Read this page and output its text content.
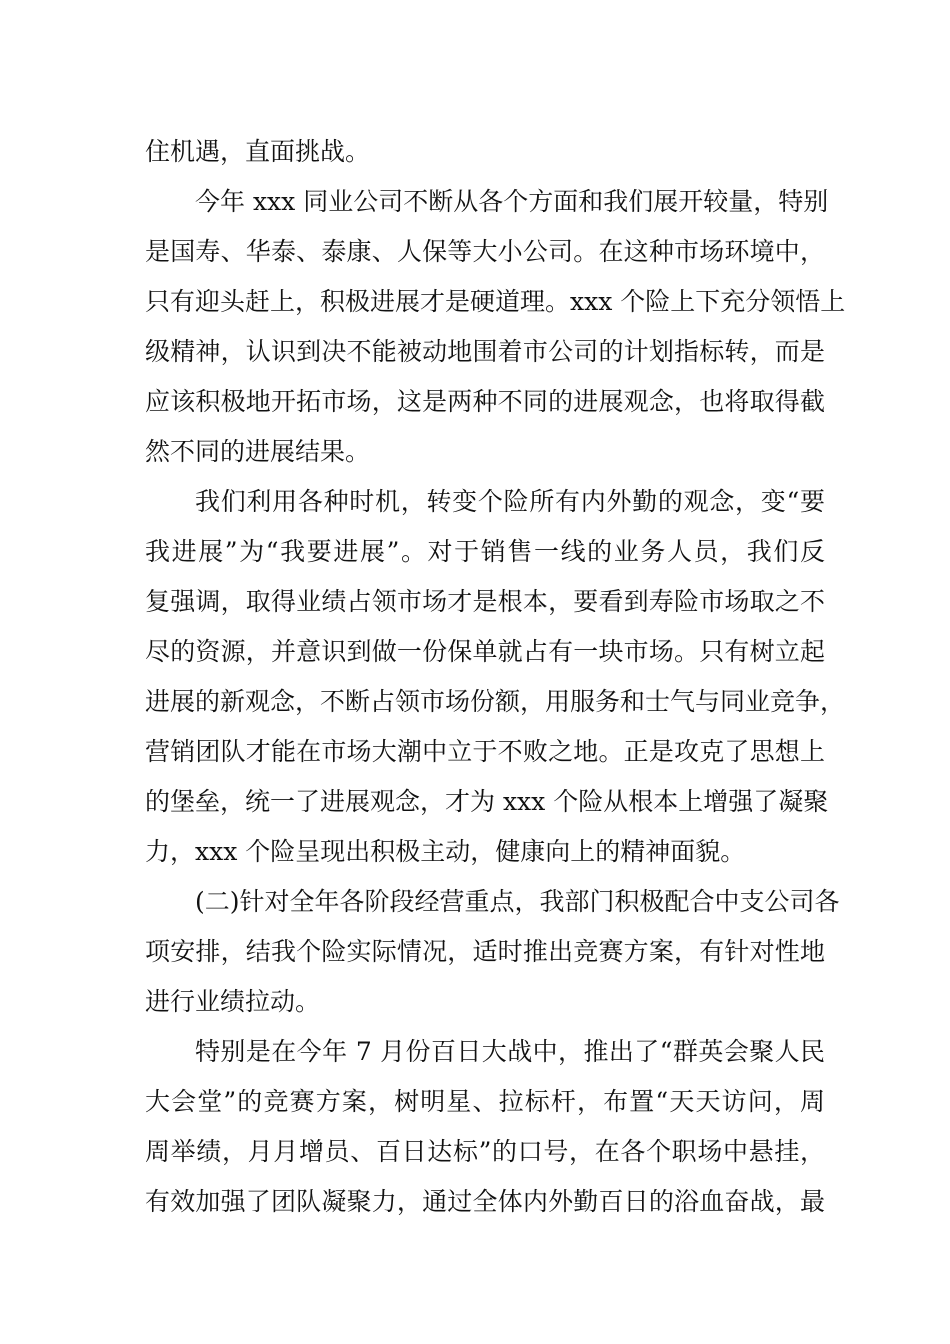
住机遇，直面挑战。
今年 xxx 同业公司不断从各个方面和我们展开较量，特别
是国寿、华泰、泰康、人保等大小公司。在这种市场环境中，
只有迎头赶上，积极进展才是硬道理。xxx 个险上下充分领悟上
级精神，认识到决不能被动地围着市公司的计划指标转，而是
应该积极地开拓市场，这是两种不同的进展观念，也将取得截
然不同的进展结果。
我们利用各种时机，转变个险所有内外勤的观念，变“要
我进展”为“我要进展”。对于销售一线的业务人员，我们反
复强调，取得业绩占领市场才是根本，要看到寿险市场取之不
尽的资源，并意识到做一份保单就占有一块市场。只有树立起
进展的新观念，不断占领市场份额，用服务和士气与同业竞争，
营销团队才能在市场大潮中立于不败之地。正是攻克了思想上
的堡垒，统一了进展观念，才为 xxx 个险从根本上增强了凝聚
力，xxx 个险呈现出积极主动，健康向上的精神面貌。
(二)针对全年各阶段经营重点，我部门积极配合中支公司各
项安排，结我个险实际情况，适时推出竞赛方案，有针对性地
进行业绩拉动。
特别是在今年 7 月份百日大战中，推出了“群英会聚人民
大会堂”的竞赛方案，树明星、拉标杆，布置“天天访问，周
周举绩，月月增员、百日达标”的口号，在各个职场中悬挂，
有效加强了团队凝聚力，通过全体内外勤百日的浴血奋战，最
